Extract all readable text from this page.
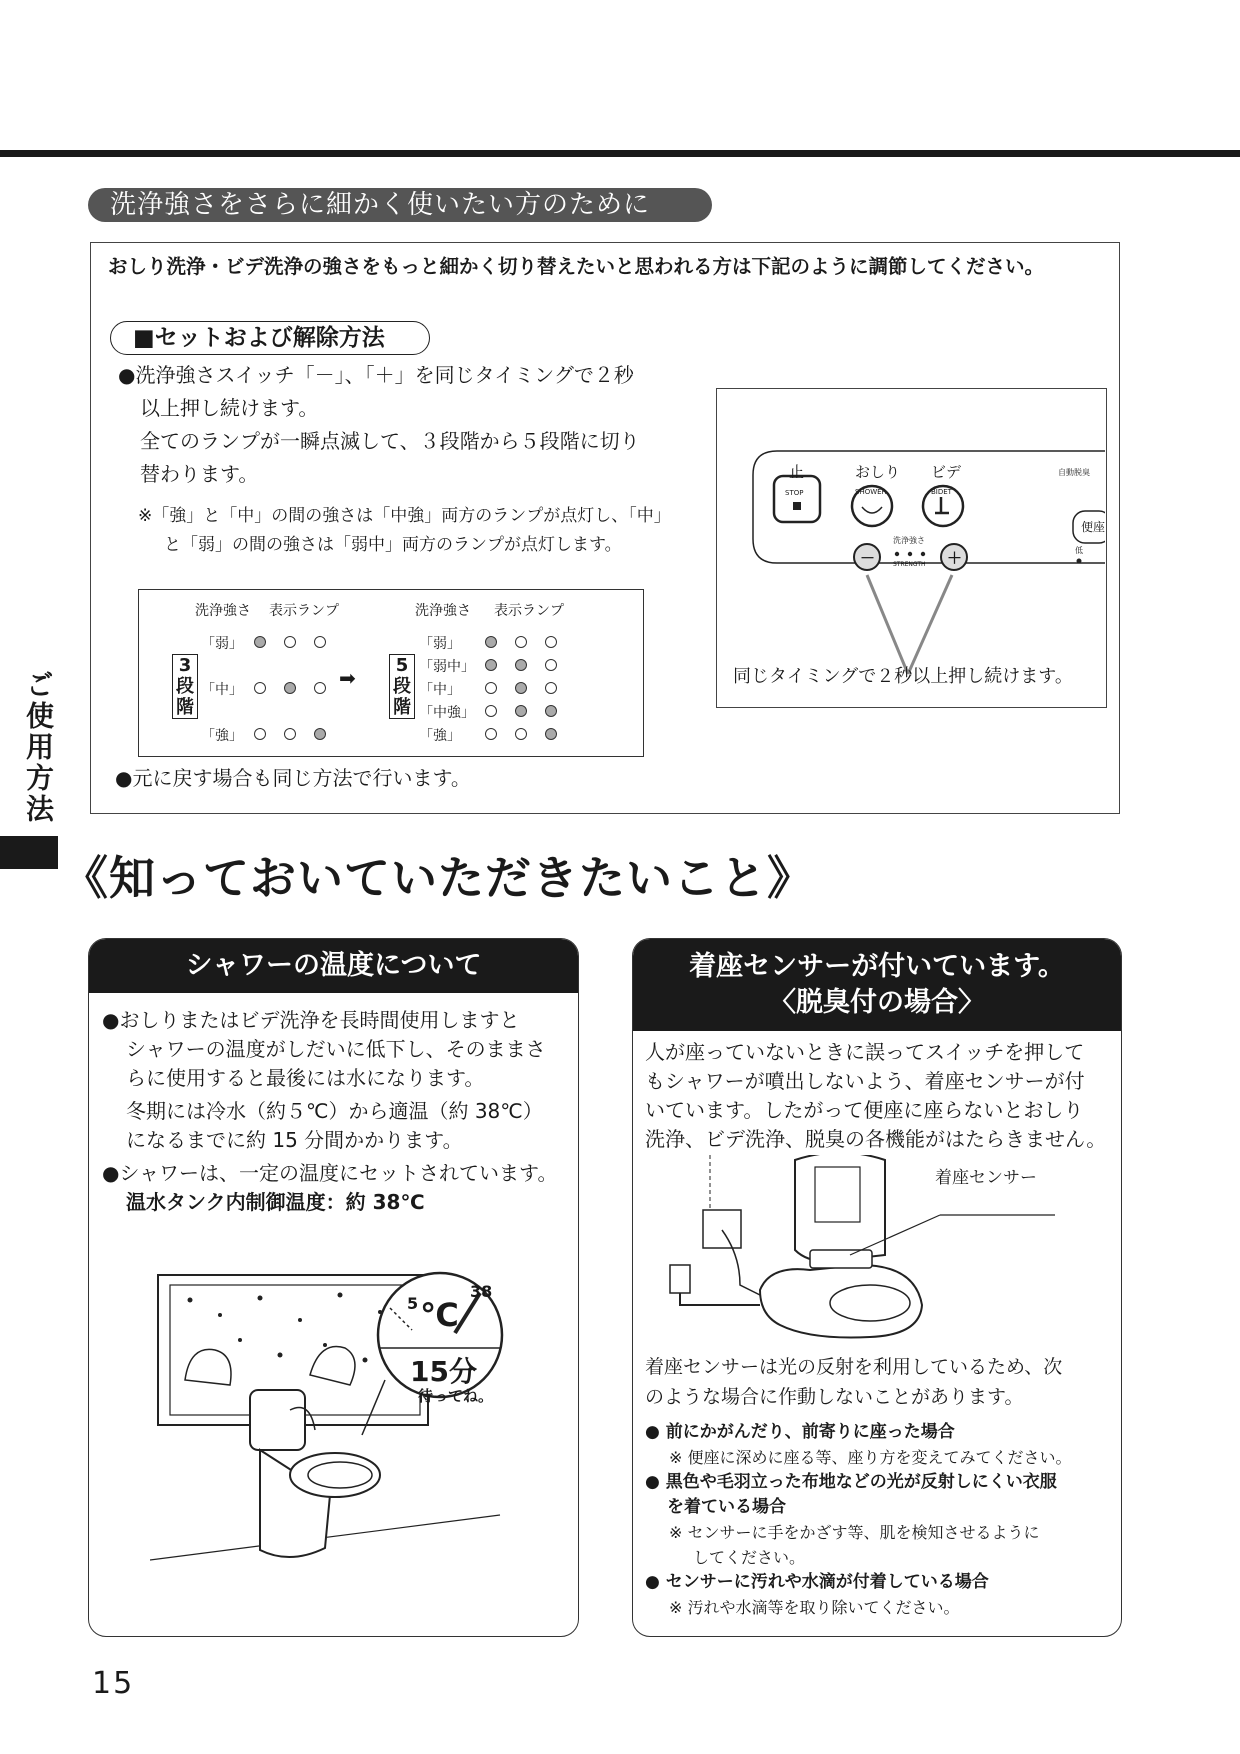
洗浄強さをさらに細かく使いたい方のために
おしり洗浄・ビデ洗浄の強さをもっと細かく切り替えたいと思われる方は下記のように調節してください。
■セットおよび解除方法
●洗浄強さスイッチ「－」、「＋」を同じタイミングで２秒
以上押し続けます。
全てのランプが一瞬点滅して、３段階から５段階に切り
替わります。
※「強」と「中」の間の強さは「中強」両方のランプが点灯し、「中」
と「弱」の間の強さは「弱中」両方のランプが点灯します。
洗浄強さ 表示ランプ	洗浄強さ 表示ランプ
3段階
5段階
➡
「弱」
「中」
「強」
「弱」
「弱中」
「中」
「中強」
「強」
●元に戻す場合も同じ方法で行います。
止
STOP
おしり
SHOWER
ビデ
BIDET
洗浄強さ
STRENGTH
－	＋
自動脱臭
便座
低
同じタイミングで２秒以上押し続けます。
ご使用方法
《知っておいていただきたいこと》
シャワーの温度について
●おしりまたはビデ洗浄を長時間使用しますと
シャワーの温度がしだいに低下し、そのままさ
らに使用すると最後には水になります。
冬期には冷水（約５℃）から適温（約 38℃）
になるまでに約 15 分間かかります。
●シャワーは、一定の温度にセットされています。
温水タンク内制御温度：約 38℃
5 ℃
38
15分
待ってね。
着座センサーが付いています。
〈脱臭付の場合〉
人が座っていないときに誤ってスイッチを押して
もシャワーが噴出しないよう、着座センサーが付
いています。したがって便座に座らないとおしり
洗浄、ビデ洗浄、脱臭の各機能がはたらきません。
着座センサー
着座センサーは光の反射を利用しているため、次
のような場合に作動しないことがあります。
● 前にかがんだり、前寄りに座った場合
※ 便座に深めに座る等、座り方を変えてみてください。
● 黒色や毛羽立った布地などの光が反射しにくい衣服
を着ている場合
※ センサーに手をかざす等、肌を検知させるように
してください。
● センサーに汚れや水滴が付着している場合
※ 汚れや水滴等を取り除いてください。
15
